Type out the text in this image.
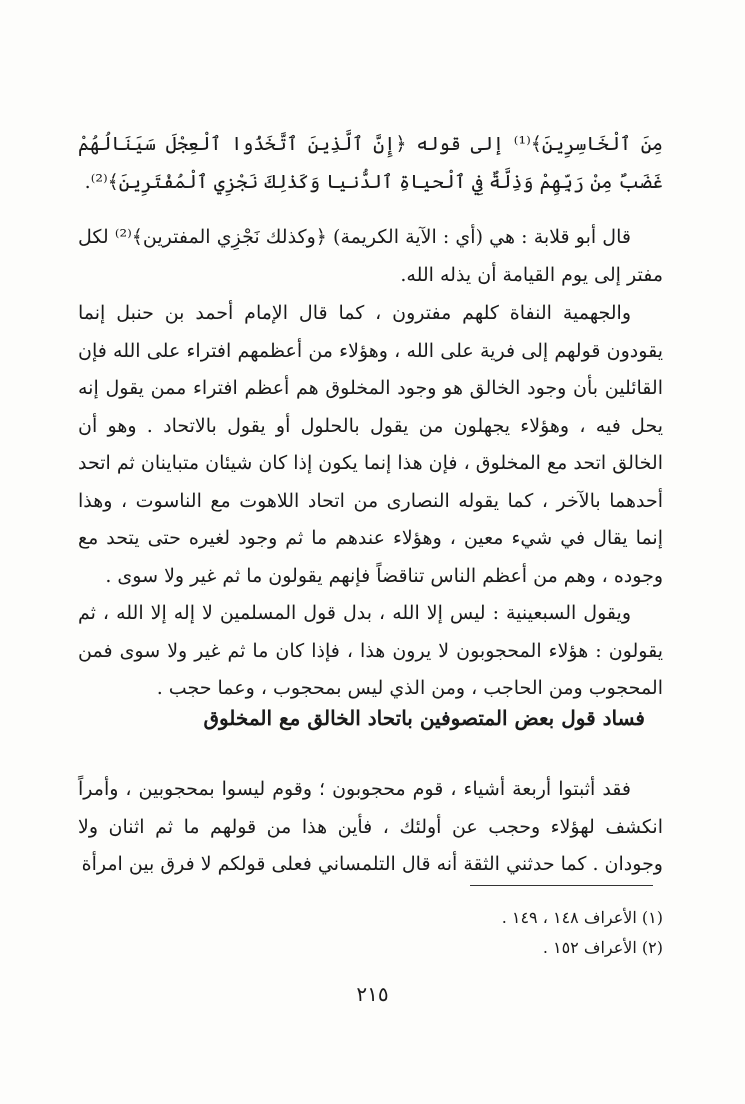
مِنَ ٱلْخَاسِرِينَ﴾⁽¹⁾ إلى قوله ﴿إِنَّ ٱلَّذِينَ ٱتَّخَذُوا ٱلْعِجْلَ سَيَنَالُهُمْ غَضَبٌ مِنْ رَبِّهِمْ وَذِلَّةٌ فِي ٱلْحياةِ ٱلدُّنيا وَكَذٰلِكَ نَجْزِي ٱلْمُفْتَرِينَ﴾⁽²⁾.

قال أبو قلابة : هي (أي : الآية الكريمة) ﴿وكذلك نَجْزِي المفترين﴾⁽²⁾ لكل مفتر إلى يوم القيامة أن يذله الله.

والجهمية النفاة كلهم مفترون ، كما قال الإمام أحمد بن حنبل إنما يقودون قولهم إلى فرية على الله ، وهؤلاء من أعظمهم افتراء على الله فإن القائلين بأن وجود الخالق هو وجود المخلوق هم أعظم افتراء ممن يقول إنه يحل فيه ، وهؤلاء يجهلون من يقول بالحلول أو يقول بالاتحاد . وهو أن الخالق اتحد مع المخلوق ، فإن هذا إنما يكون إذا كان شيئان متباينان ثم اتحد أحدهما بالآخر ، كما يقوله النصارى من اتحاد اللاهوت مع الناسوت ، وهذا إنما يقال في شيء معين ، وهؤلاء عندهم ما ثم وجود لغيره حتى يتحد مع وجوده ، وهم من أعظم الناس تناقضاً فإنهم يقولون ما ثم غير ولا سوى .

ويقول السبعينية : ليس إلا الله ، بدل قول المسلمين لا إله إلا الله ، ثم يقولون : هؤلاء المحجوبون لا يرون هذا ، فإذا كان ما ثم غير ولا سوى فمن المحجوب ومن الحاجب ، ومن الذي ليس بمحجوب ، وعما حجب .

فساد قول بعض المتصوفين باتحاد الخالق مع المخلوق

فقد أثبتوا أربعة أشياء ، قوم محجوبون ؛ وقوم ليسوا بمحجوبين ، وأمراً انكشف لهؤلاء وحجب عن أولئك ، فأين هذا من قولهم ما ثم اثنان ولا وجودان . كما حدثني الثقة أنه قال التلمساني فعلى قولكم لا فرق بين امرأة

(١) الأعراف ١٤٨ ، ١٤٩ .
(٢) الأعراف ١٥٢ .
٢١٥
